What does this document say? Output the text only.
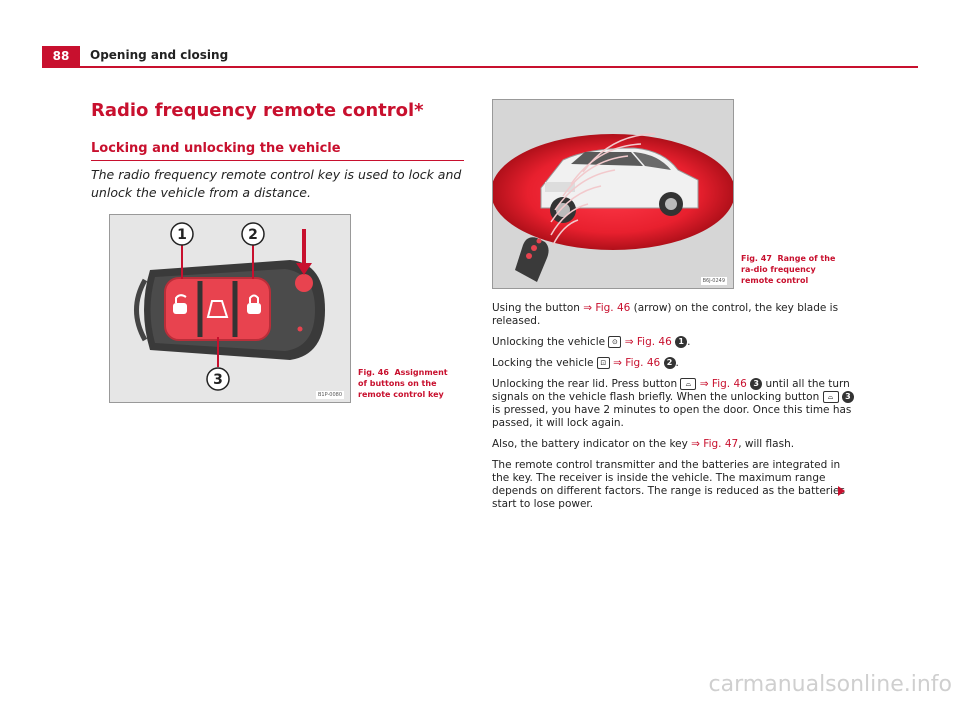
88	Opening and closing
Radio frequency remote control*
Locking and unlocking the vehicle

The radio frequency remote control key is used to lock and unlock the vehicle from a distance.

1	2
3
B1P-0080
Fig. 46 Assignment of buttons on the remote control key
B6J-0249
Fig. 47 Range of the ra-dio frequency remote control

Using the button ⇒ Fig. 46 (arrow) on the control, the key blade is released.

Unlocking the vehicle ⊙ ⇒ Fig. 46 1 .

Locking the vehicle ⊡ ⇒ Fig. 46 2 .

Unlocking the rear lid. Press button ⌓ ⇒ Fig. 46 3 until all the turn signals on the vehicle flash briefly. When the unlocking button ⌓	3 is pressed, you have 2 minutes to open the door. Once this time has passed, it will lock again.

Also, the battery indicator on the key ⇒ Fig. 47, will flash.

The remote control transmitter and the batteries are integrated in the key. The receiver is inside the vehicle. The maximum range depends on different factors. The range is reduced as the batteries start to lose power.

carmanualsonline.info
